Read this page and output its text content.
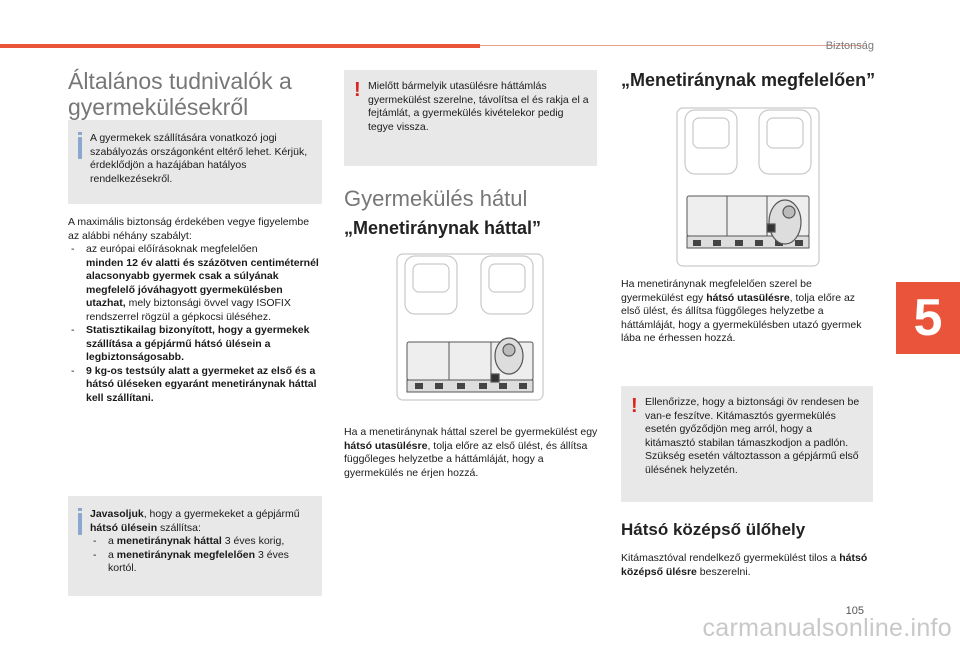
Biztonság
5
105
carmanualsonline.info
Általános tudnivalók a
gyermekülésekről
A gyermekek szállítására vonatkozó jogi szabályozás országonként eltérő lehet. Kérjük, érdeklődjön a hazájában hatályos rendelkezésekről.
A maximális biztonság érdekében vegye figyelembe az alábbi néhány szabályt:
- az európai előírásoknak megfelelően
minden 12 év alatti és százötven centiméternél alacsonyabb gyermek csak a súlyának megfelelő jóváhagyott gyermekülésben utazhat, mely biztonsági övvel vagy ISOFIX rendszerrel rögzül a gépkocsi üléséhez.
- Statisztikailag bizonyított, hogy a gyermekek szállítása a gépjármű hátsó ülésein a legbiztonságosabb.
- 9 kg-os testsúly alatt a gyermeket az első és a hátsó üléseken egyaránt menetiránynak háttal kell szállítani.
Javasoljuk, hogy a gyermekeket a gépjármű hátsó ülésein szállítsa:
- a menetiránynak háttal 3 éves korig,
- a menetiránynak megfelelően 3 éves kortól.
! Mielőtt bármelyik utasülésre háttámlás gyermekülést szerelne, távolítsa el és rakja el a fejtámlát, a gyermekülés kivételekor pedig tegye vissza.
Gyermekülés hátul
„Menetiránynak háttal”
Ha a menetiránynak háttal szerel be gyermekülést egy hátsó utasülésre, tolja előre az első ülést, és állítsa függőleges helyzetbe a háttámláját, hogy a gyermekülés ne érjen hozzá.
„Menetiránynak megfelelően”
Ha menetiránynak megfelelően szerel be gyermekülést egy hátsó utasülésre, tolja előre az első ülést, és állítsa függőleges helyzetbe a háttámláját, hogy a gyermekülésben utazó gyermek lába ne érhessen hozzá.
! Ellenőrizze, hogy a biztonsági öv rendesen be van-e feszítve. Kitámasztós gyermekülés esetén győződjön meg arról, hogy a kitámasztó stabilan támaszkodjon a padlón. Szükség esetén változtasson a gépjármű első ülésének helyzetén.
Hátsó középső ülőhely
Kitámasztóval rendelkező gyermekülést tilos a hátsó középső ülésre beszerelni.
